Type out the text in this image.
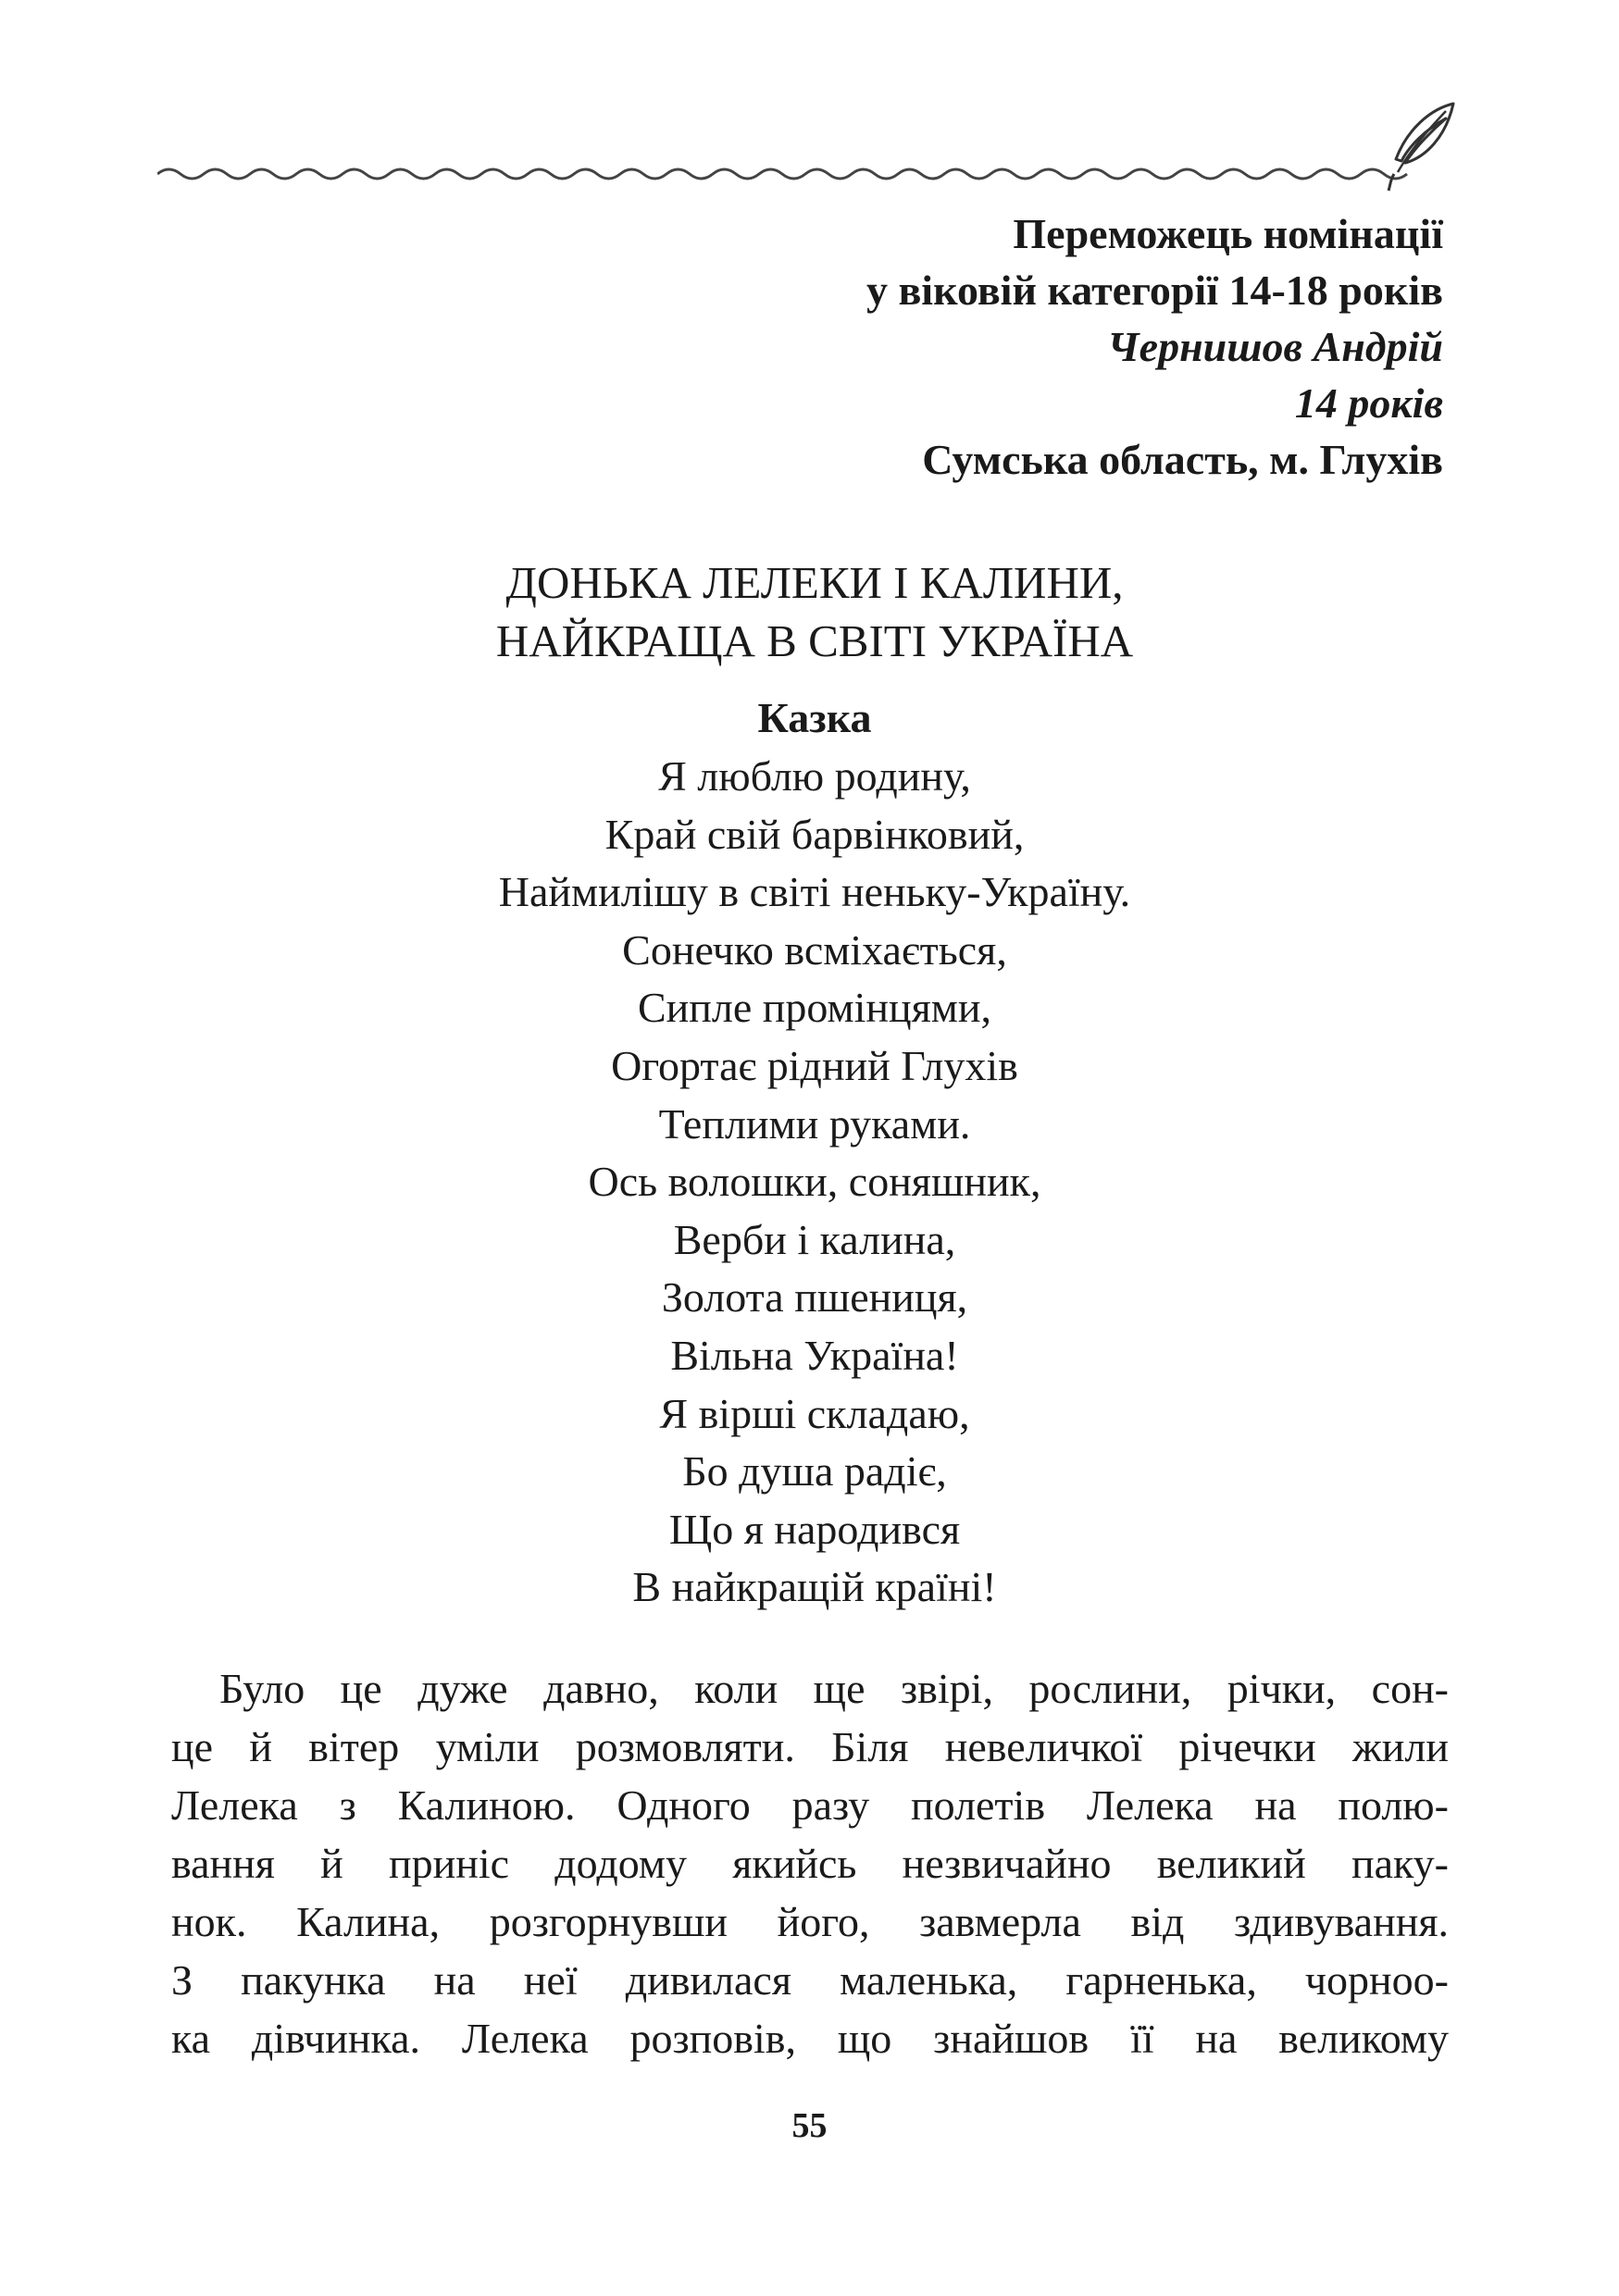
Переможець номінації
у віковій категорії 14-18 років
Чернишов Андрій
14 років
Сумська область, м. Глухів
ДОНЬКА ЛЕЛЕКИ І КАЛИНИ,
НАЙКРАЩА В СВІТІ УКРАЇНА
Казка
Я люблю родину,
Край свій барвінковий,
Наймилішу в світі неньку-Україну.
Сонечко всміхається,
Сипле промінцями,
Огортає рідний Глухів
Теплими руками.
Ось волошки, соняшник,
Верби і калина,
Золота пшениця,
Вільна Україна!
Я вірші складаю,
Бо душа радіє,
Що я народився
В найкращій країні!
Було це дуже давно, коли ще звірі, рослини, річки, сон-
це й вітер уміли розмовляти. Біля невеличкої річечки жили
Лелека з Калиною. Одного разу полетів Лелека на полю-
вання й приніс додому якийсь незвичайно великий паку-
нок. Калина, розгорнувши його, завмерла від здивування.
З пакунка на неї дивилася маленька, гарненька, чорноо-
ка дівчинка. Лелека розповів, що знайшов її на великому
55
